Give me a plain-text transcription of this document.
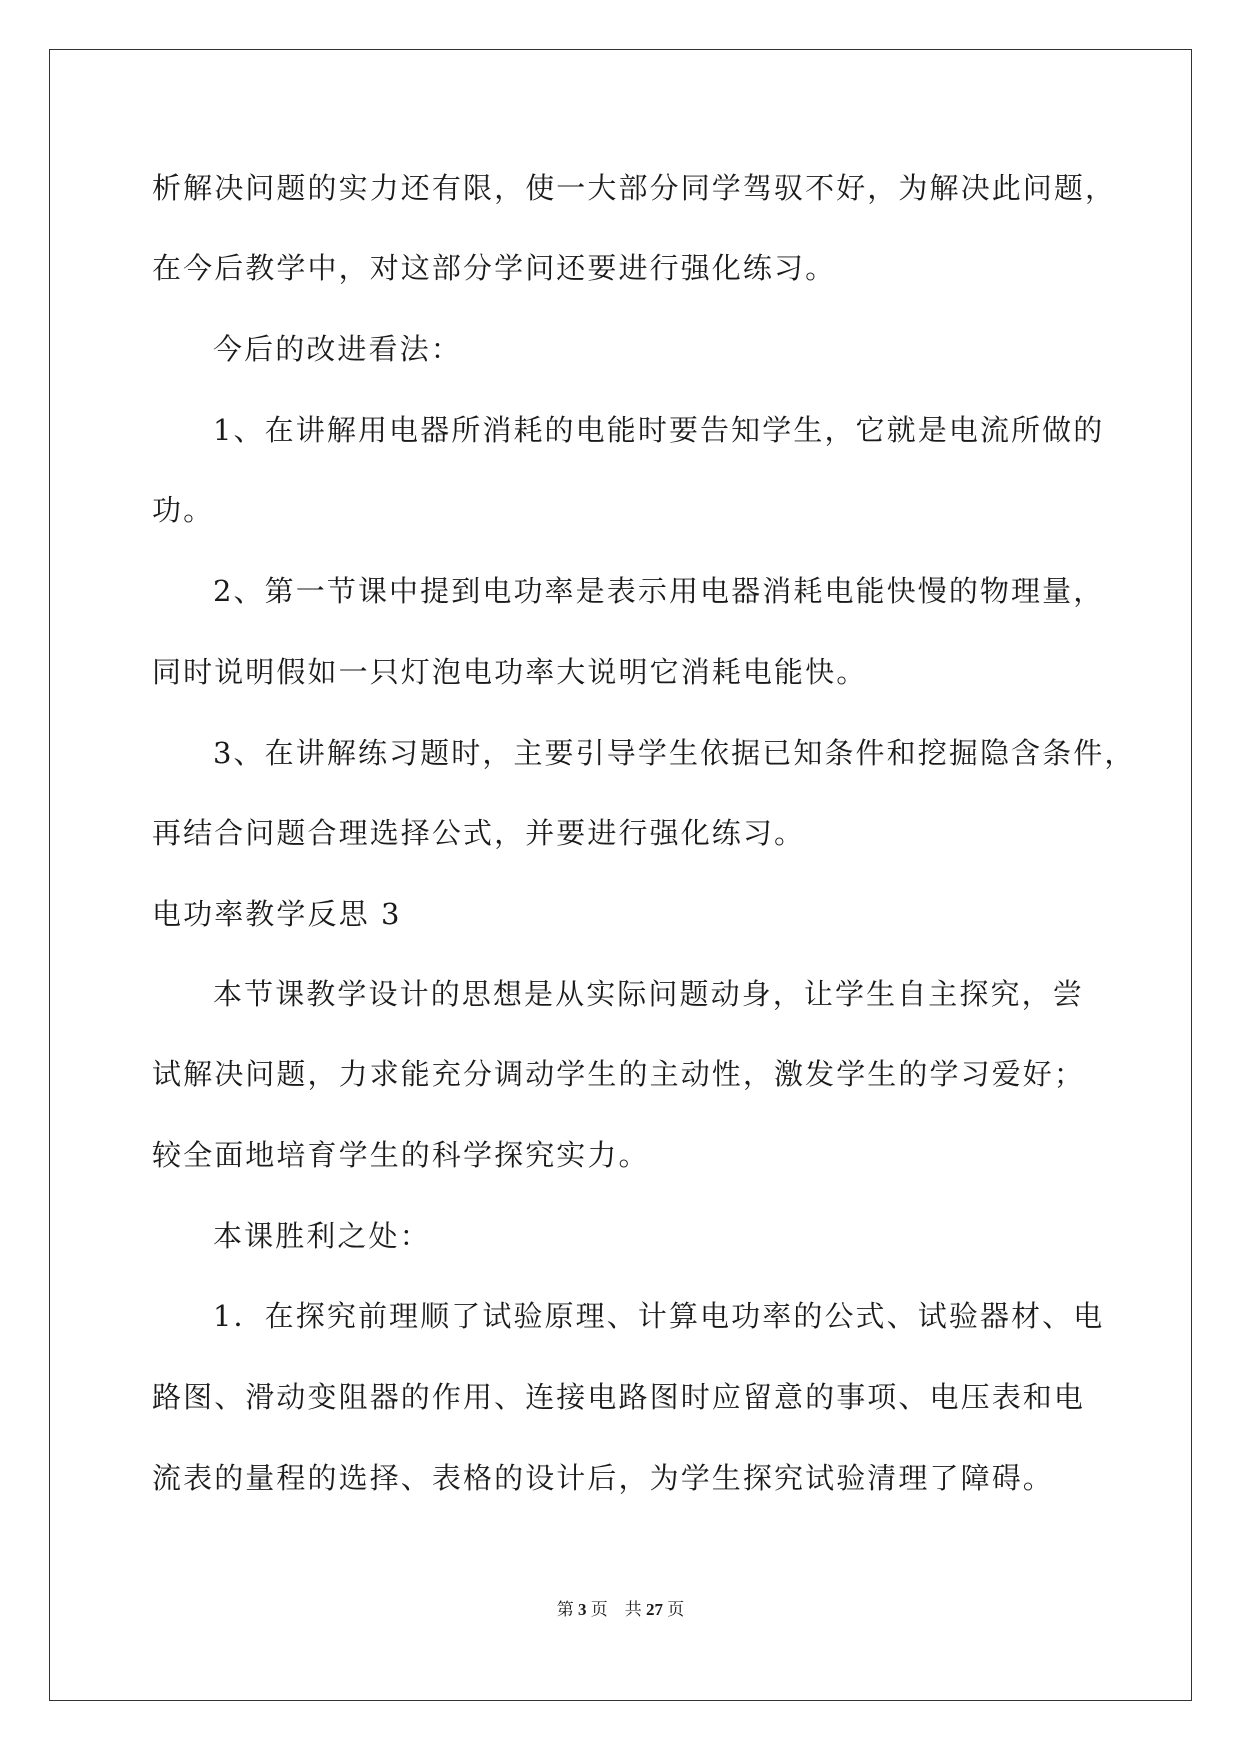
析解决问题的实力还有限，使一大部分同学驾驭不好，为解决此问题，
在今后教学中，对这部分学问还要进行强化练习。
今后的改进看法：
1、在讲解用电器所消耗的电能时要告知学生，它就是电流所做的
功。
2、第一节课中提到电功率是表示用电器消耗电能快慢的物理量，
同时说明假如一只灯泡电功率大说明它消耗电能快。
3、在讲解练习题时，主要引导学生依据已知条件和挖掘隐含条件，
再结合问题合理选择公式，并要进行强化练习。
电功率教学反思 3
本节课教学设计的思想是从实际问题动身，让学生自主探究，尝
试解决问题，力求能充分调动学生的主动性，激发学生的学习爱好；
较全面地培育学生的科学探究实力。
本课胜利之处：
1．在探究前理顺了试验原理、计算电功率的公式、试验器材、电
路图、滑动变阻器的作用、连接电路图时应留意的事项、电压表和电
流表的量程的选择、表格的设计后，为学生探究试验清理了障碍。
第 3 页 共 27 页
